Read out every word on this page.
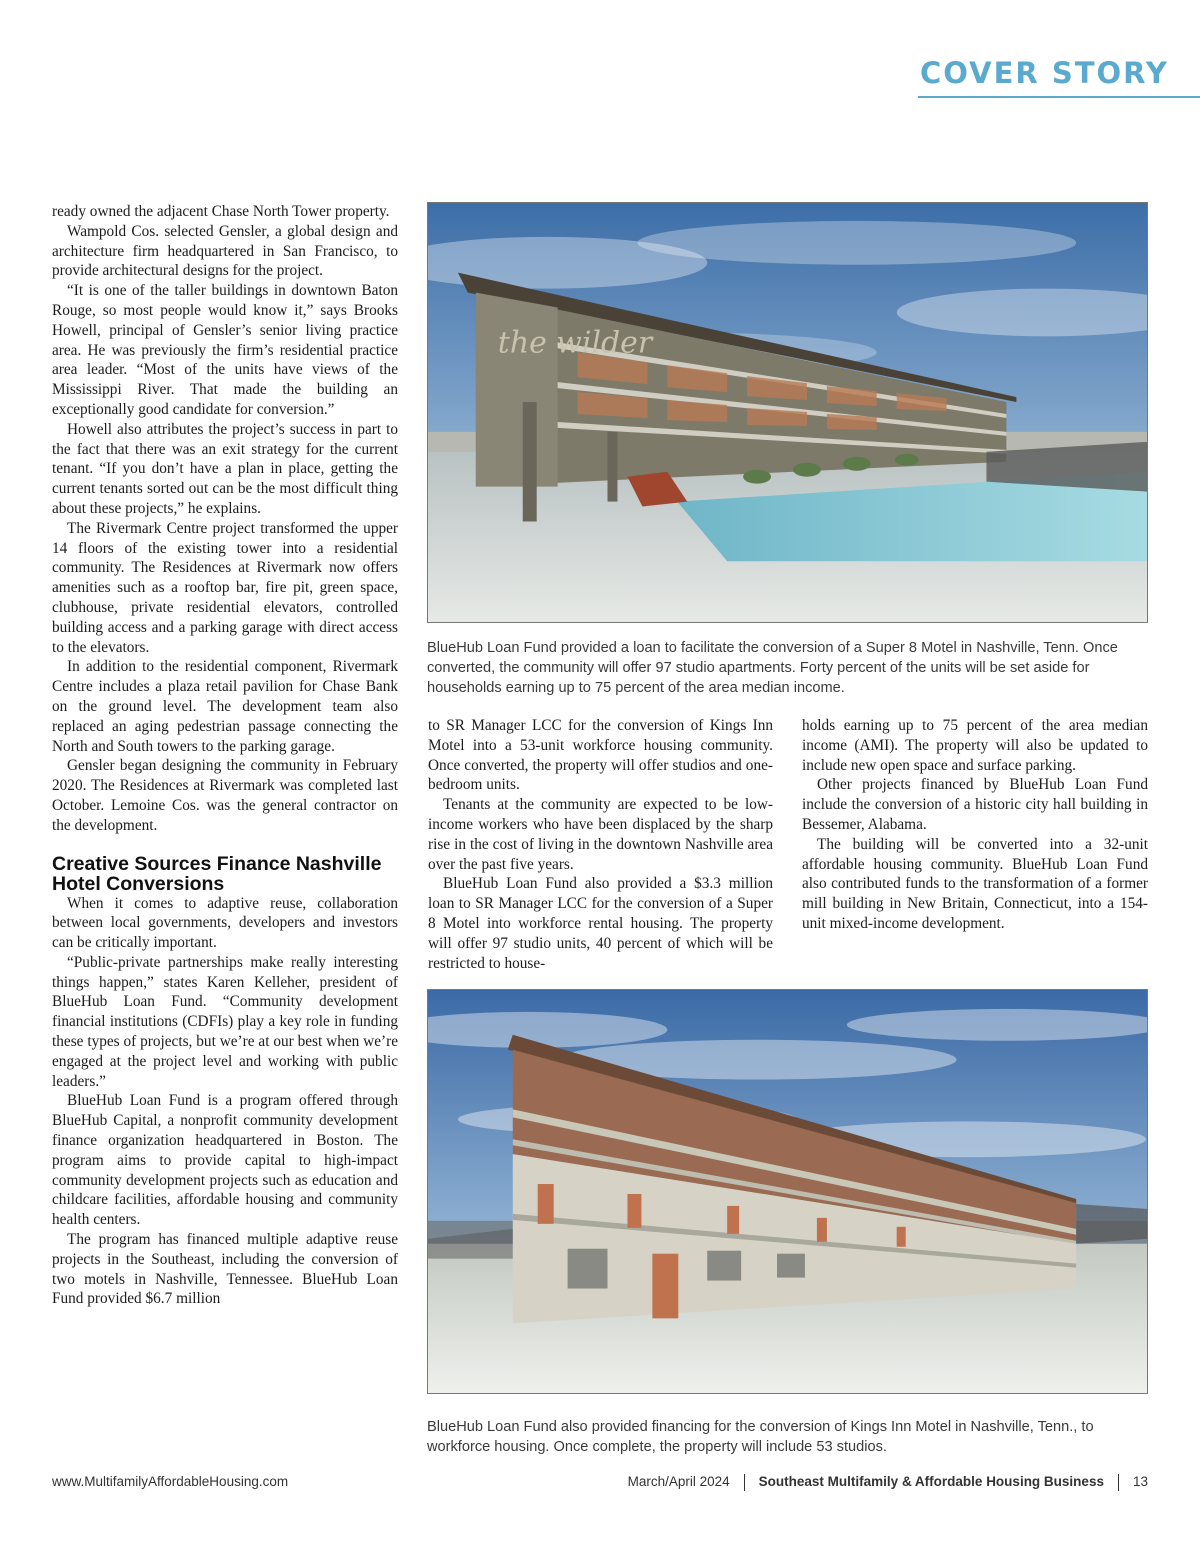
COVER STORY

ready owned the adjacent Chase North Tower property.

Wampold Cos. selected Gensler, a global design and architecture firm headquartered in San Francisco, to provide architectural designs for the project.

“It is one of the taller buildings in downtown Baton Rouge, so most people would know it,” says Brooks Howell, principal of Gensler’s senior living practice area. He was previously the firm’s residential practice area leader. “Most of the units have views of the Mississippi River. That made the building an exceptionally good candidate for conversion.”

Howell also attributes the project’s success in part to the fact that there was an exit strategy for the current tenant. “If you don’t have a plan in place, getting the current tenants sorted out can be the most difficult thing about these projects,” he explains.

The Rivermark Centre project transformed the upper 14 floors of the existing tower into a residential community. The Residences at Rivermark now offers amenities such as a rooftop bar, fire pit, green space, clubhouse, private residential elevators, controlled building access and a parking garage with direct access to the elevators.

In addition to the residential component, Rivermark Centre includes a plaza retail pavilion for Chase Bank on the ground level. The development team also replaced an aging pedestrian passage connecting the North and South towers to the parking garage.

Gensler began designing the community in February 2020. The Residences at Rivermark was completed last October. Lemoine Cos. was the general contractor on the development.

Creative Sources Finance Nashville Hotel Conversions

When it comes to adaptive reuse, collaboration between local governments, developers and investors can be critically important.

“Public-private partnerships make really interesting things happen,” states Karen Kelleher, president of BlueHub Loan Fund. “Community development financial institutions (CDFIs) play a key role in funding these types of projects, but we’re at our best when we’re engaged at the project level and working with public leaders.”

BlueHub Loan Fund is a program offered through BlueHub Capital, a nonprofit community development finance organization headquartered in Boston. The program aims to provide capital to high-impact community development projects such as education and childcare facilities, affordable housing and community health centers.

The program has financed multiple adaptive reuse projects in the Southeast, including the conversion of two motels in Nashville, Tennessee. BlueHub Loan Fund provided $6.7 million

the wilder
BlueHub Loan Fund provided a loan to facilitate the conversion of a Super 8 Motel in Nashville, Tenn. Once converted, the community will offer 97 studio apartments. Forty percent of the units will be set aside for households earning up to 75 percent of the area median income.

to SR Manager LCC for the conversion of Kings Inn Motel into a 53-unit workforce housing community. Once converted, the property will offer studios and one-bedroom units.

Tenants at the community are expected to be low-income workers who have been displaced by the sharp rise in the cost of living in the downtown Nashville area over the past five years.

BlueHub Loan Fund also provided a $3.3 million loan to SR Manager LCC for the conversion of a Super 8 Motel into workforce rental housing. The property will offer 97 studio units, 40 percent of which will be restricted to house-

holds earning up to 75 percent of the area median income (AMI). The property will also be updated to include new open space and surface parking.

Other projects financed by BlueHub Loan Fund include the conversion of a historic city hall building in Bessemer, Alabama.

The building will be converted into a 32-unit affordable housing community. BlueHub Loan Fund also contributed funds to the transformation of a former mill building in New Britain, Connecticut, into a 154-unit mixed-income development.

BlueHub Loan Fund also provided financing for the conversion of Kings Inn Motel in Nashville, Tenn., to workforce housing. Once complete, the property will include 53 studios.
www.MultifamilyAffordableHousing.com	March/April 2024 Southeast Multifamily & Affordable Housing Business 13
